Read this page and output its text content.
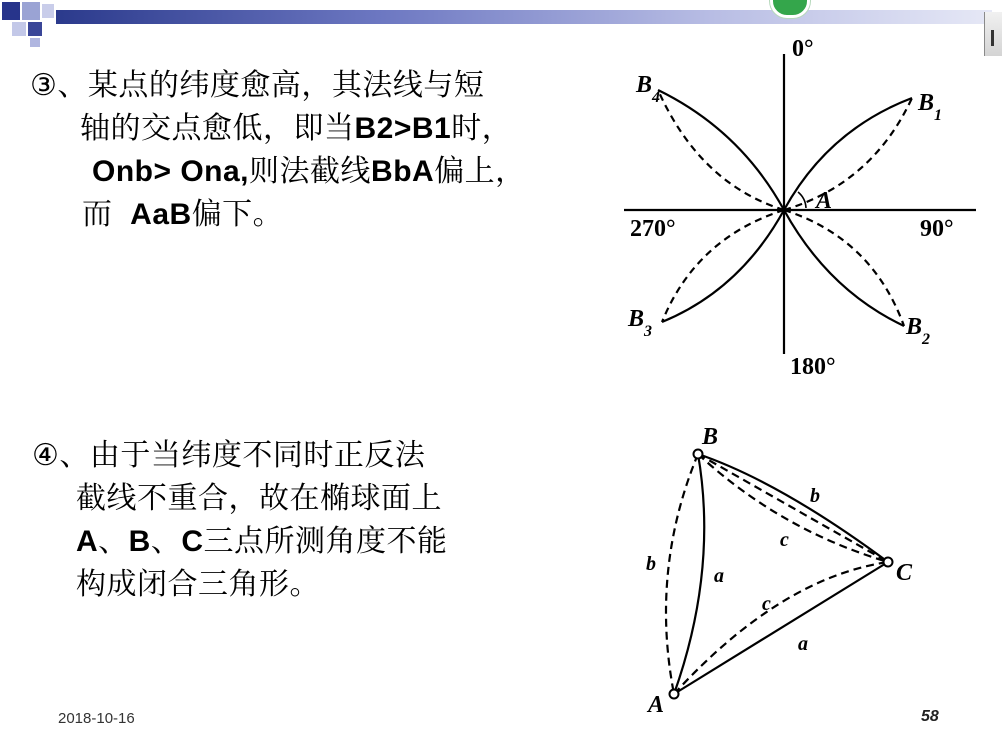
③、某点的纬度愈高，其法线与短
轴的交点愈低，即当B2>B1时，
Onb> Ona,则法截线BbA偏上，
而  AaB偏下。
④、由于当纬度不同时正反法
截线不重合，故在椭球面上
A、B、C三点所测角度不能
构成闭合三角形。
0°
270°	90°
180°
A
B 1
B 4
B 3	B 2
B
C
A
b
c
b
a
c
a
2018-10-16	58
